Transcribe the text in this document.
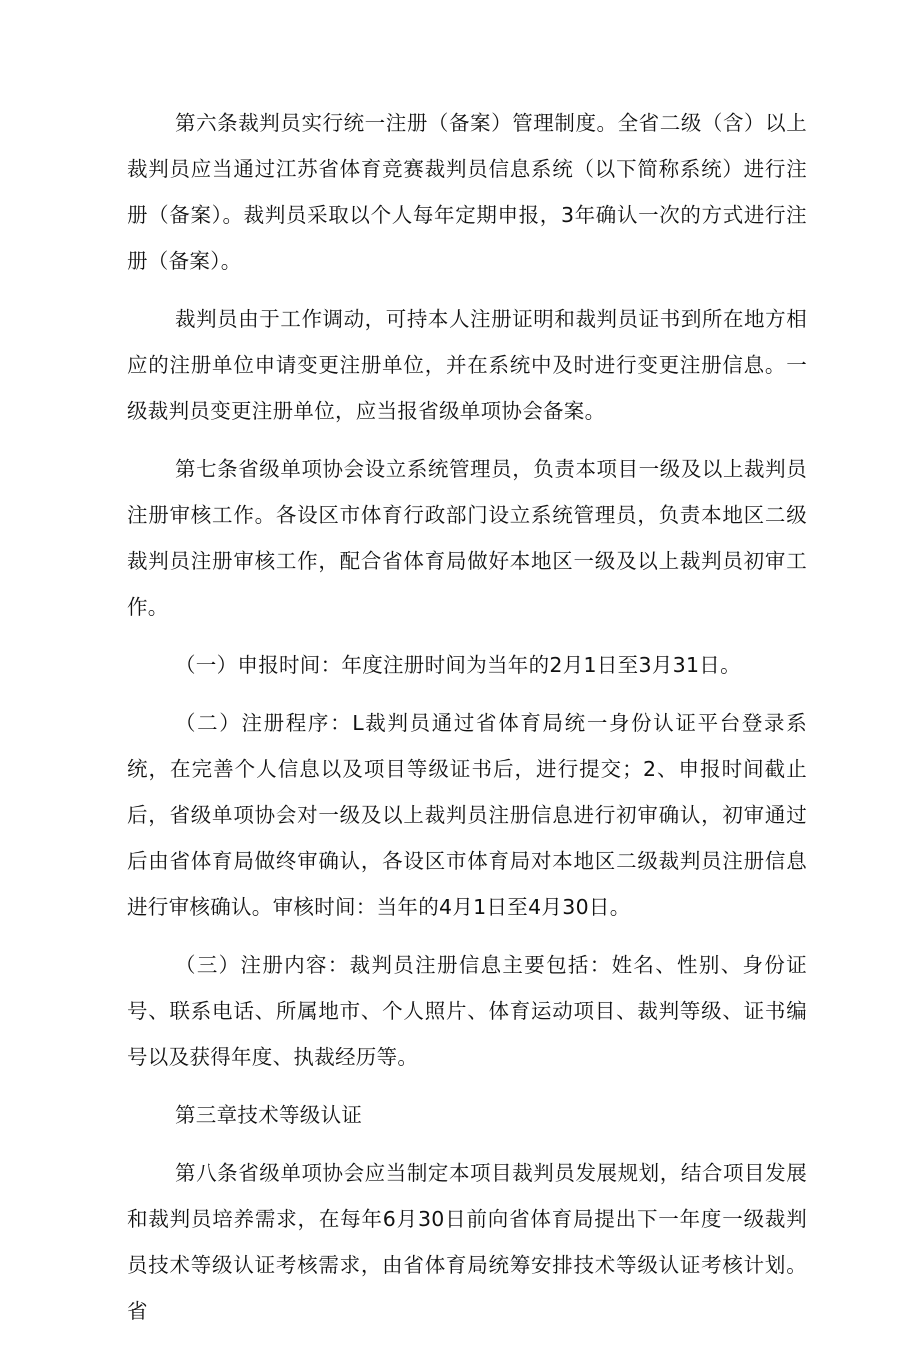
第六条裁判员实行统一注册（备案）管理制度。全省二级（含）以上裁判员应当通过江苏省体育竞赛裁判员信息系统（以下简称系统）进行注册（备案）。裁判员采取以个人每年定期申报，3年确认一次的方式进行注册（备案）。

裁判员由于工作调动，可持本人注册证明和裁判员证书到所在地方相应的注册单位申请变更注册单位，并在系统中及时进行变更注册信息。一级裁判员变更注册单位，应当报省级单项协会备案。

第七条省级单项协会设立系统管理员，负责本项目一级及以上裁判员注册审核工作。各设区市体育行政部门设立系统管理员，负责本地区二级裁判员注册审核工作，配合省体育局做好本地区一级及以上裁判员初审工作。

（一）申报时间：年度注册时间为当年的2月1日至3月31日。

（二）注册程序：L裁判员通过省体育局统一身份认证平台登录系统，在完善个人信息以及项目等级证书后，进行提交；2、申报时间截止后，省级单项协会对一级及以上裁判员注册信息进行初审确认，初审通过后由省体育局做终审确认，各设区市体育局对本地区二级裁判员注册信息进行审核确认。审核时间：当年的4月1日至4月30日。

（三）注册内容：裁判员注册信息主要包括：姓名、性别、身份证号、联系电话、所属地市、个人照片、体育运动项目、裁判等级、证书编号以及获得年度、执裁经历等。

第三章技术等级认证

第八条省级单项协会应当制定本项目裁判员发展规划，结合项目发展和裁判员培养需求，在每年6月30日前向省体育局提出下一年度一级裁判员技术等级认证考核需求，由省体育局统筹安排技术等级认证考核计划。省
